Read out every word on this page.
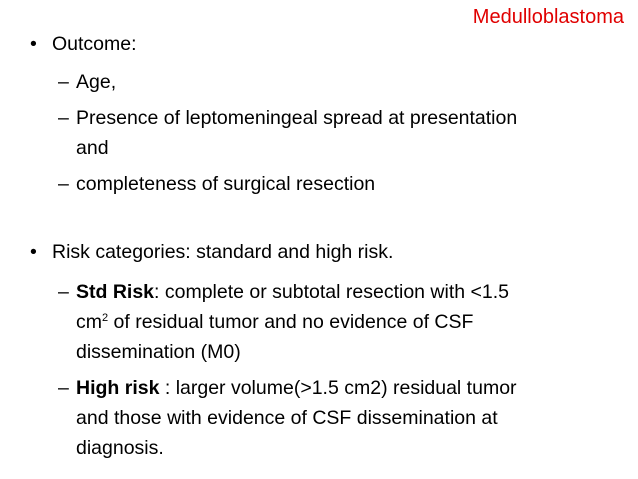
Medulloblastoma
• Outcome:
– Age,
– Presence of leptomeningeal spread at presentation
and
– completeness of surgical resection
• Risk categories: standard and high risk.
– Std Risk: complete or subtotal resection with <1.5
$cm^2$ of residual tumor and no evidence of CSF
dissemination (M0)
– High risk : larger volume(>1.5 cm2) residual tumor
and those with evidence of CSF dissemination at
diagnosis.
